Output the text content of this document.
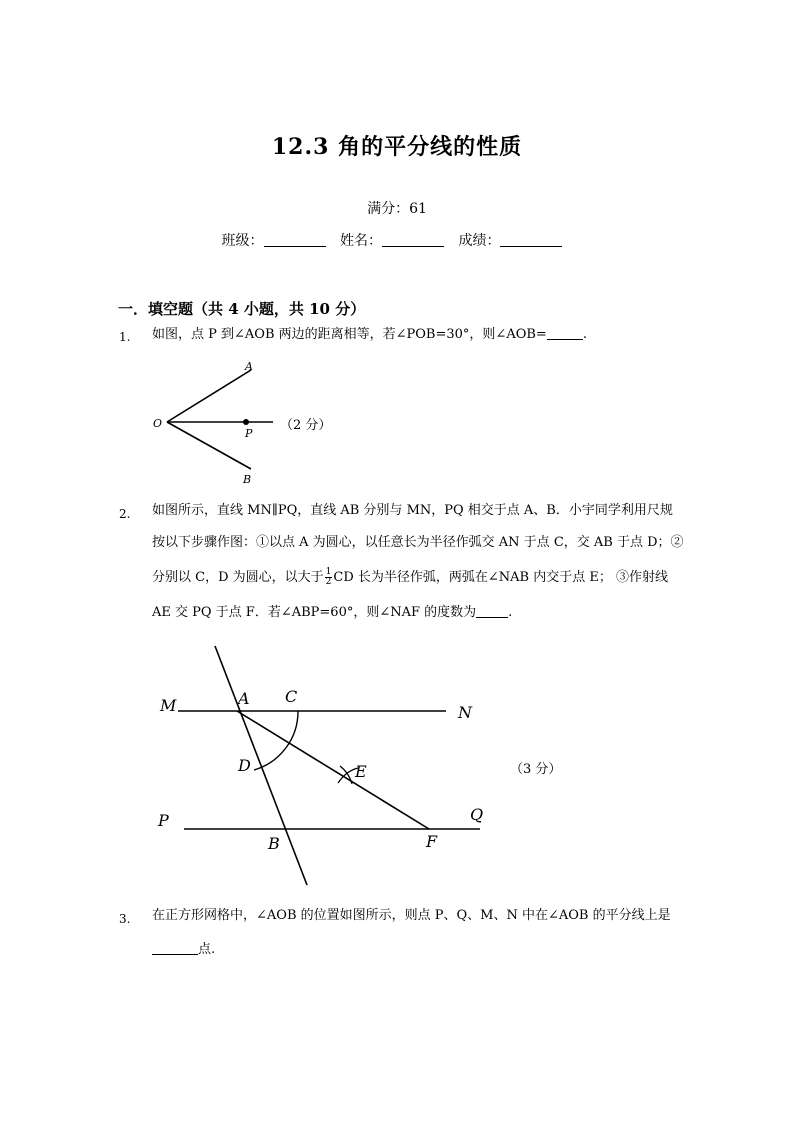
12.3 角的平分线的性质
满分：61
班级：	姓名：	成绩：
一．填空题（共 4 小题，共 10 分）
1. 如图，点 P 到∠AOB 两边的距离相等，若∠POB=30°，则∠AOB=	.
A
O
P
B
（2 分）
2. 如图所示，直线 MN∥PQ，直线 AB 分别与 MN，PQ 相交于点 A、B．小宇同学利用尺规
按以下步骤作图：①以点 A 为圆心，以任意长为半径作弧交 AN 于点 C，交 AB 于点 D；②
分别以 C，D 为圆心，以大于 $\frac{1}{2}$ CD 长为半径作弧，两弧在∠NAB 内交于点 E； ③作射线
AE 交 PQ 于点 F．若∠ABP=60°，则∠NAF 的度数为 .
M	A C
N
D	E
P	Q
B	F
（3 分）
3. 在正方形网格中，∠AOB 的位置如图所示，则点 P、Q、M、N 中在∠AOB 的平分线上是
点.
